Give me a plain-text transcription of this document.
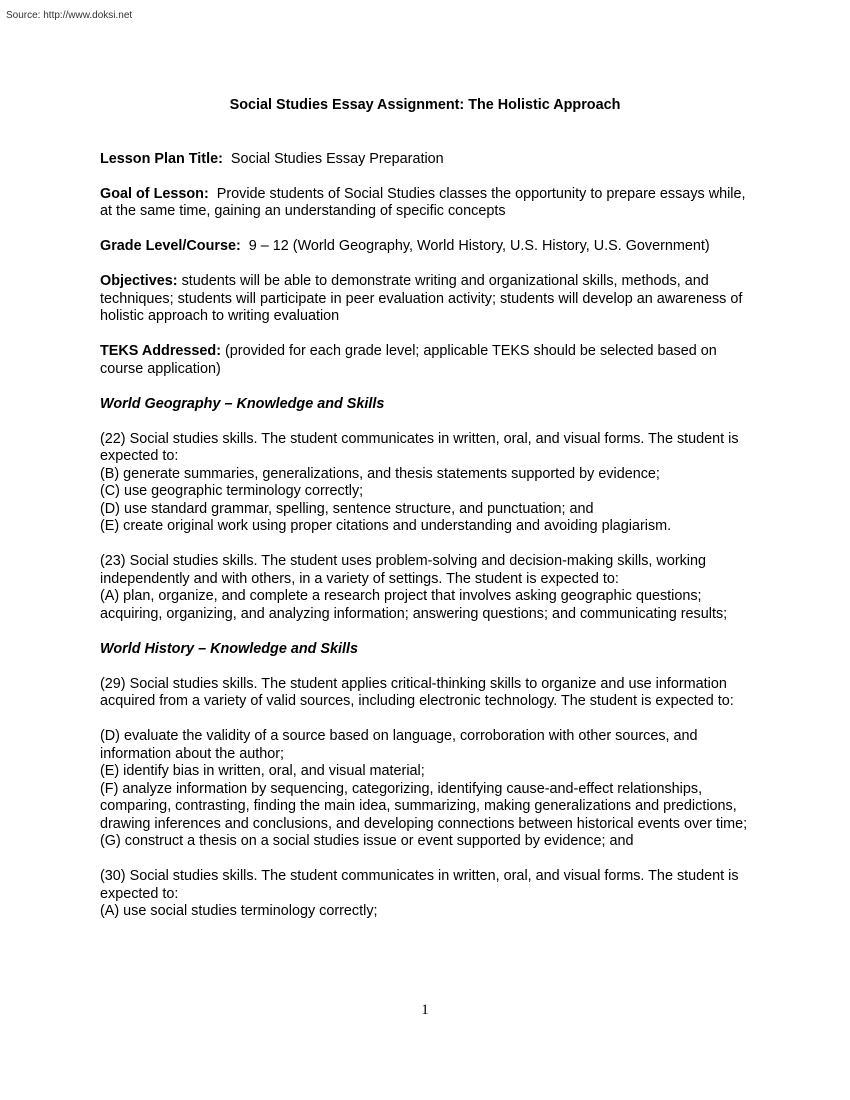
Source: http://www.doksi.net
Social Studies Essay Assignment: The Holistic Approach
Lesson Plan Title: Social Studies Essay Preparation
Goal of Lesson: Provide students of Social Studies classes the opportunity to prepare essays while, at the same time, gaining an understanding of specific concepts
Grade Level/Course: 9 – 12 (World Geography, World History, U.S. History, U.S. Government)
Objectives: students will be able to demonstrate writing and organizational skills, methods, and techniques; students will participate in peer evaluation activity; students will develop an awareness of holistic approach to writing evaluation
TEKS Addressed: (provided for each grade level; applicable TEKS should be selected based on course application)
World Geography – Knowledge and Skills
(22) Social studies skills. The student communicates in written, oral, and visual forms. The student is expected to:
(B) generate summaries, generalizations, and thesis statements supported by evidence;
(C) use geographic terminology correctly;
(D) use standard grammar, spelling, sentence structure, and punctuation; and
(E) create original work using proper citations and understanding and avoiding plagiarism.
(23) Social studies skills. The student uses problem-solving and decision-making skills, working independently and with others, in a variety of settings. The student is expected to:
(A) plan, organize, and complete a research project that involves asking geographic questions; acquiring, organizing, and analyzing information; answering questions; and communicating results;
World History – Knowledge and Skills
(29) Social studies skills. The student applies critical-thinking skills to organize and use information acquired from a variety of valid sources, including electronic technology. The student is expected to:
(D) evaluate the validity of a source based on language, corroboration with other sources, and information about the author;
(E) identify bias in written, oral, and visual material;
(F) analyze information by sequencing, categorizing, identifying cause-and-effect relationships, comparing, contrasting, finding the main idea, summarizing, making generalizations and predictions, drawing inferences and conclusions, and developing connections between historical events over time;
(G) construct a thesis on a social studies issue or event supported by evidence; and
(30) Social studies skills. The student communicates in written, oral, and visual forms. The student is expected to:
(A) use social studies terminology correctly;
1
